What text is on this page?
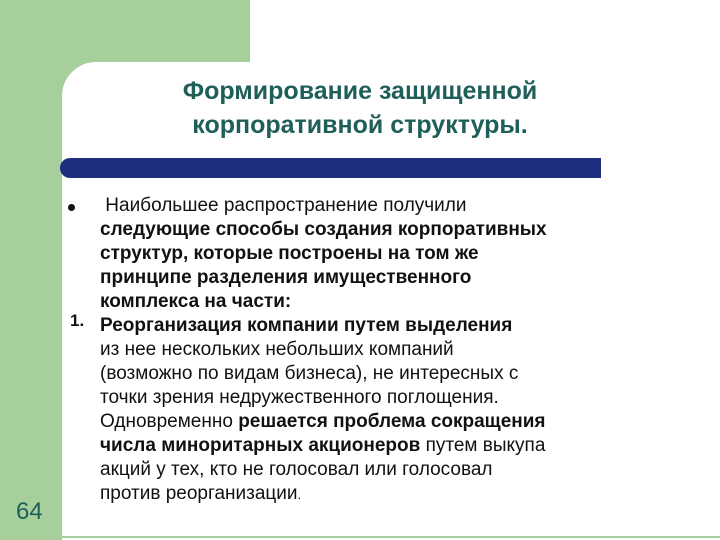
Формирование защищенной
корпоративной структуры.
1.
Наибольшее распространение получили
следующие способы создания корпоративных
структур, которые построены на том же
принципе разделения имущественного
комплекса на части:
Реорганизация компании путем выделения
из нее нескольких небольших компаний
(возможно по видам бизнеса), не интересных с
точки зрения недружественного поглощения.
Одновременно решается проблема сокращения
числа миноритарных акционеров путем выкупа
акций у тех, кто не голосовал или голосовал
против реорганизации.
64
